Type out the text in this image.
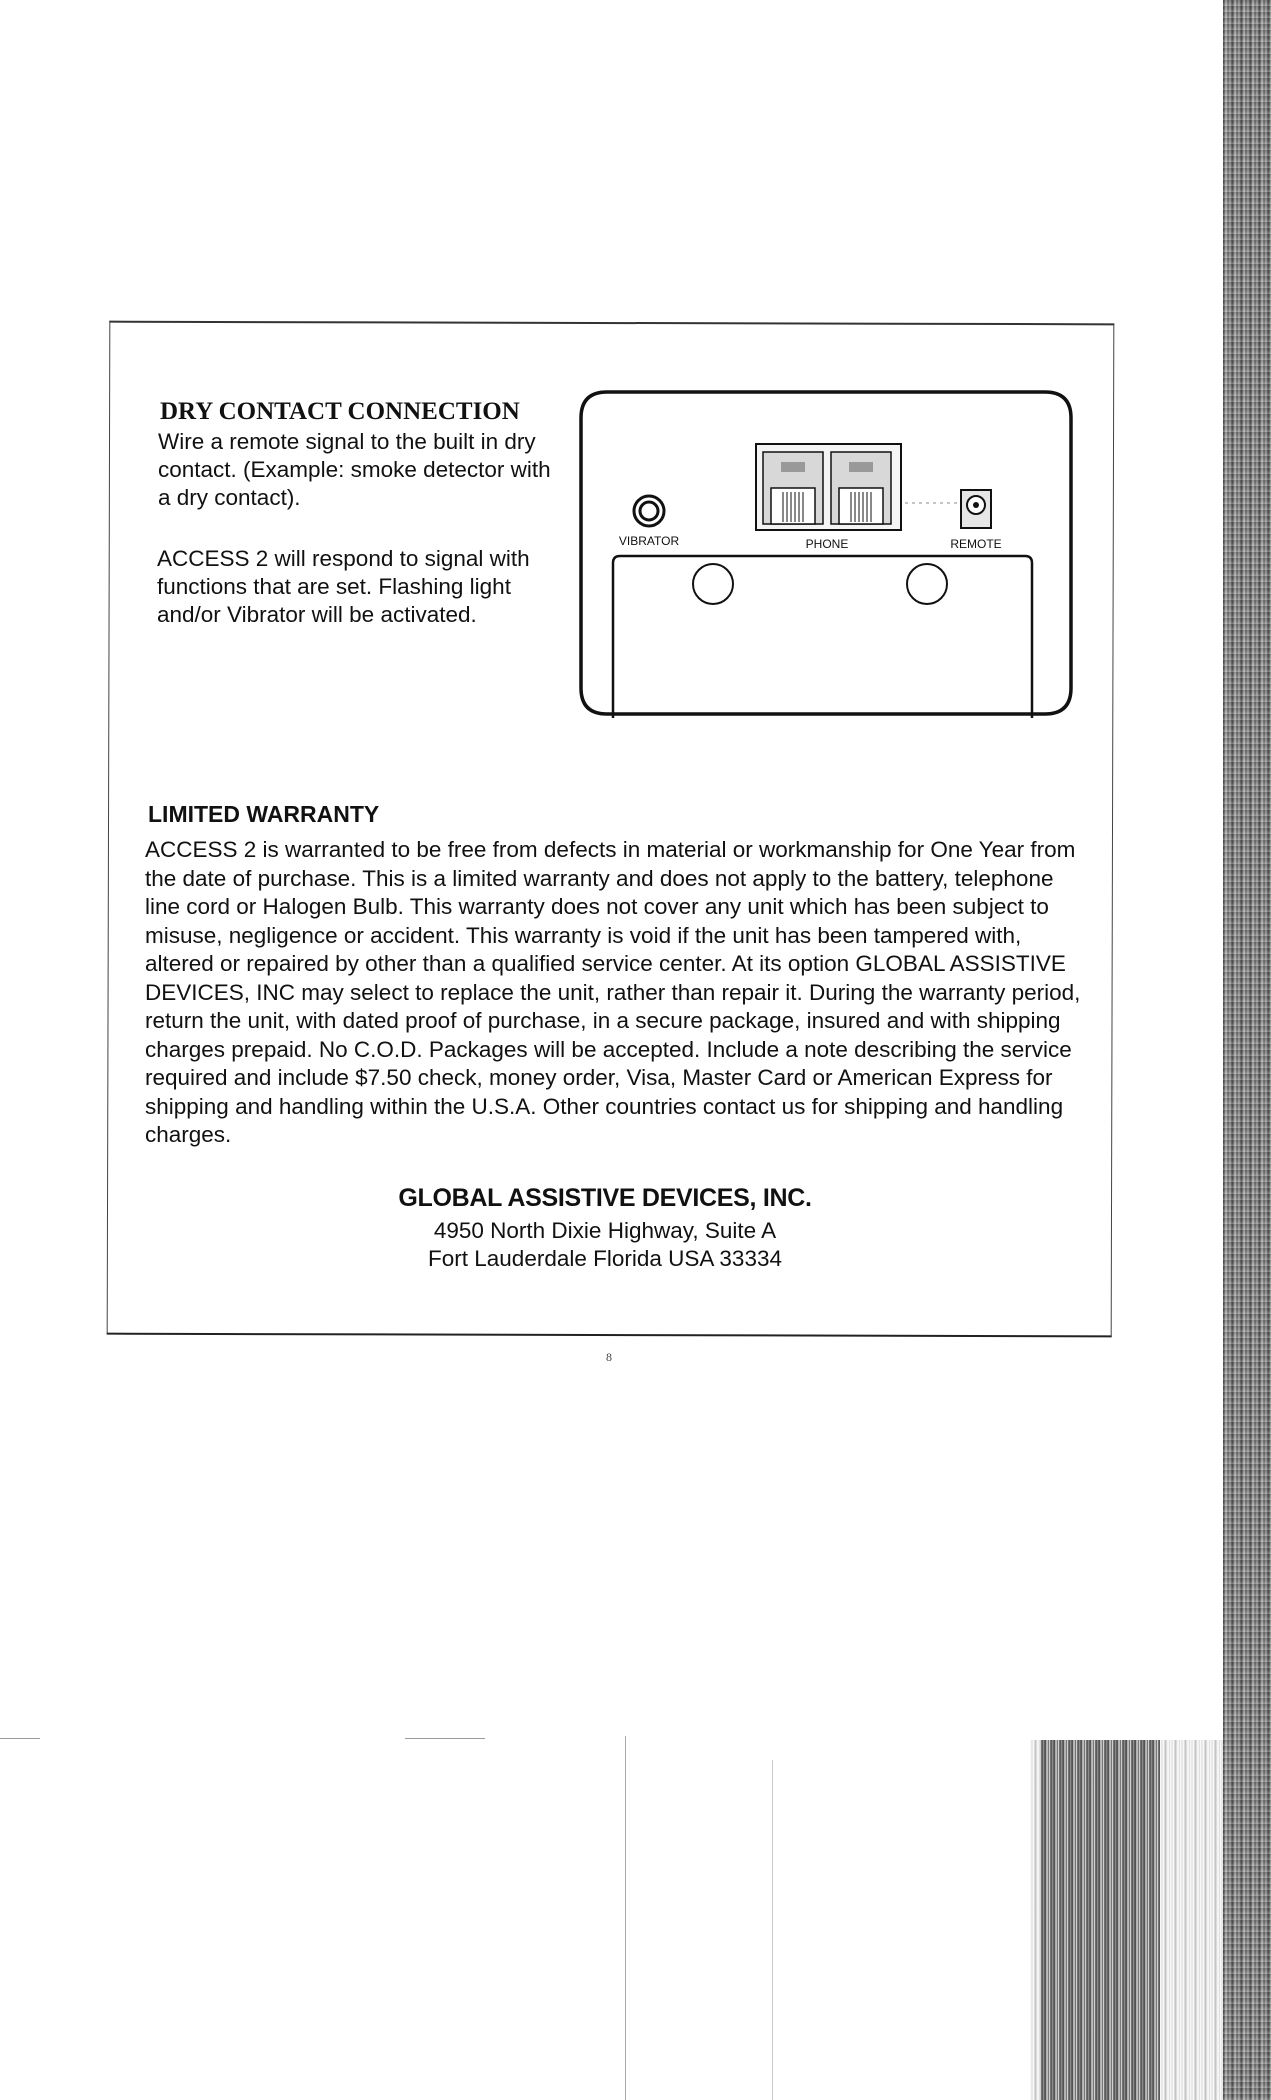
DRY CONTACT CONNECTION

Wire a remote signal to the built in dry contact. (Example: smoke detector with a dry contact).

ACCESS 2 will respond to signal with functions that are set. Flashing light and/or Vibrator will be activated.

VIBRATOR	PHONE	REMOTE
LIMITED WARRANTY

ACCESS 2 is warranted to be free from defects in material or workmanship for One Year from the date of purchase. This is a limited warranty and does not apply to the battery, telephone line cord or Halogen Bulb. This warranty does not cover any unit which has been subject to misuse, negligence or accident. This warranty is void if the unit has been tampered with, altered or repaired by other than a qualified service center. At its option GLOBAL ASSISTIVE DEVICES, INC may select to replace the unit, rather than repair it. During the warranty period, return the unit, with dated proof of purchase, in a secure package, insured and with shipping charges prepaid. No C.O.D. Packages will be accepted. Include a note describing the service required and include $7.50 check, money order, Visa, Master Card or American Express for shipping and handling within the U.S.A. Other countries contact us for shipping and handling charges.

GLOBAL ASSISTIVE DEVICES, INC.

4950 North Dixie Highway, Suite A

Fort Lauderdale Florida USA 33334

8
